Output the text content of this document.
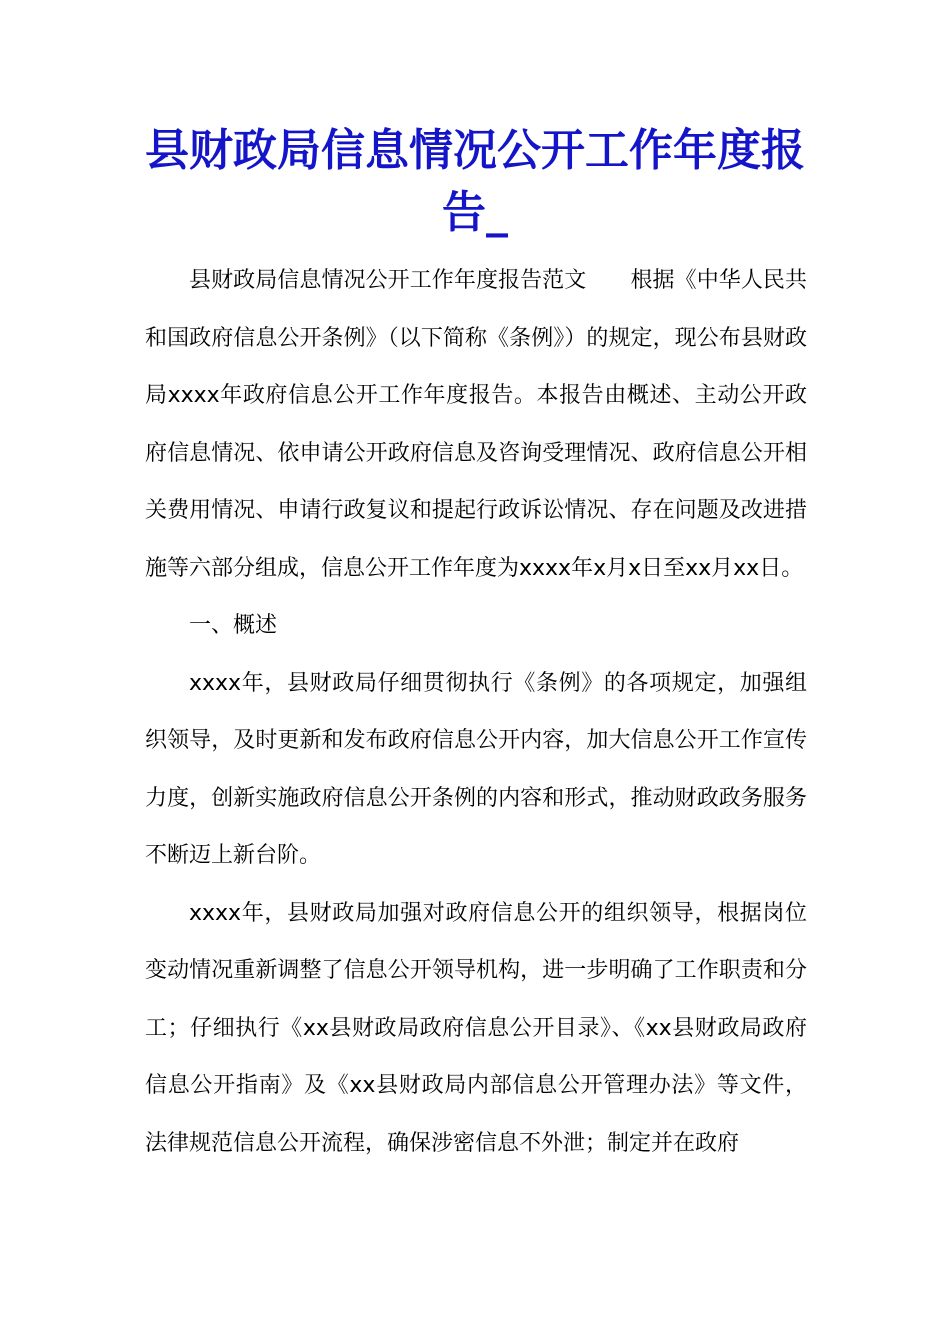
县财政局信息情况公开工作年度报告_

县财政局信息情况公开工作年度报告范文　　根据《中华人民共和国政府信息公开条例》（以下简称《条例》）的规定，现公布县财政局xxxx年政府信息公开工作年度报告。本报告由概述、主动公开政府信息情况、依申请公开政府信息及咨询受理情况、政府信息公开相关费用情况、申请行政复议和提起行政诉讼情况、存在问题及改进措施等六部分组成，信息公开工作年度为xxxx年x月x日至xx月xx日。

一、概述

xxxx年，县财政局仔细贯彻执行《条例》的各项规定，加强组织领导，及时更新和发布政府信息公开内容，加大信息公开工作宣传力度，创新实施政府信息公开条例的内容和形式，推动财政政务服务不断迈上新台阶。

xxxx年，县财政局加强对政府信息公开的组织领导，根据岗位变动情况重新调整了信息公开领导机构，进一步明确了工作职责和分工；仔细执行《xx县财政局政府信息公开目录》、《xx县财政局政府信息公开指南》及《xx县财政局内部信息公开管理办法》等文件，法律规范信息公开流程，确保涉密信息不外泄；制定并在政府
